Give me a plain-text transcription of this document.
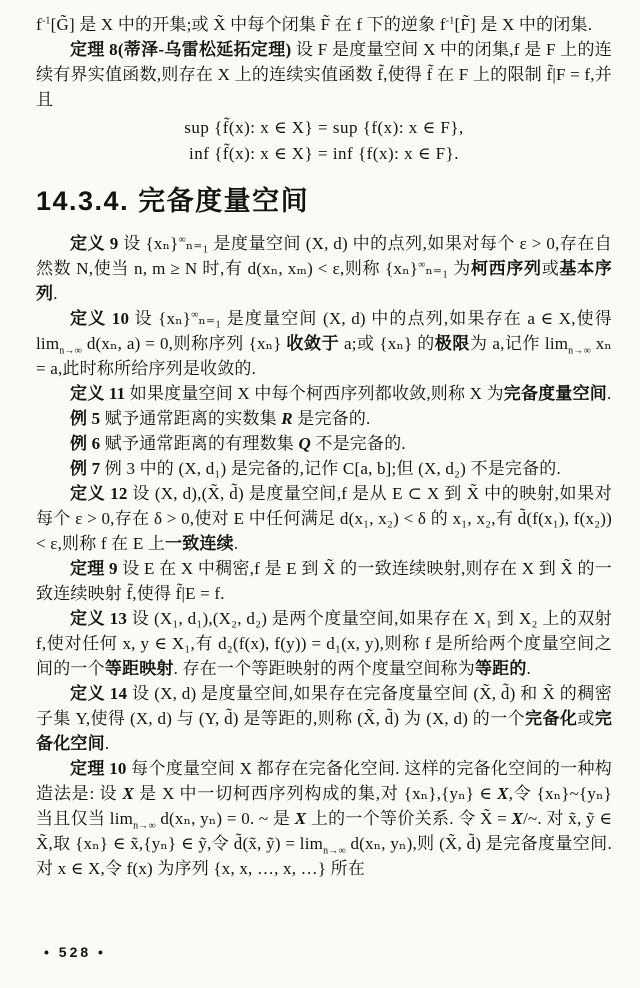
$f^{-1}[G̃]$ 是 X 中的开集;或 X̃ 中每个闭集 F̃ 在 f 下的逆象 $f^{-1}[F̃]$ 是 X 中的闭集.

定理 8(蒂泽-乌雷松延拓定理) 设 F 是度量空间 X 中的闭集,f 是 F 上的连续有界实值函数,则存在 X 上的连续实值函数 f̃,使得 f̃ 在 F 上的限制 f̃|F = f,并且

sup {f̃(x): x ∈ X} = sup {f(x): x ∈ F},
inf {f̃(x): x ∈ X} = inf {f(x): x ∈ F}.
14.3.4. 完备度量空间

定义 9 设 {xₙ}∞ₙ₌₁ 是度量空间 (X, d) 中的点列,如果对每个 ε > 0,存在自然数 N,使当 n, m ≥ N 时,有 d(xₙ, xₘ) < ε,则称 {xₙ}∞ₙ₌₁ 为柯西序列或基本序列.

定义 10 设 {xₙ}∞ₙ₌₁ 是度量空间 (X, d) 中的点列,如果存在 a ∈ X,使得 $\lim_{n\to\infty} d(x_n$, a) = 0,则称序列 {xₙ} 收敛于 a;或 {xₙ} 的极限为 a,记作 $\lim_{n\to\infty} x_n = a$,此时称所给序列是收敛的.

定义 11 如果度量空间 X 中每个柯西序列都收敛,则称 X 为完备度量空间.

例 5 赋予通常距离的实数集 R 是完备的.

例 6 赋予通常距离的有理数集 Q 不是完备的.

例 7 例 3 中的 (X, d₁) 是完备的,记作 C[a, b];但 (X, d₂) 不是完备的.

定义 12 设 (X, d),(X̃, d̃) 是度量空间,f 是从 E ⊂ X 到 X̃ 中的映射,如果对每个 ε > 0,存在 δ > 0,使对 E 中任何满足 d(x₁, x₂) < δ 的 x₁, x₂,有 d̃(f(x₁), f(x₂)) < ε,则称 f 在 E 上一致连续.

定理 9 设 E 在 X 中稠密,f 是 E 到 X̃ 的一致连续映射,则存在 X 到 X̃ 的一致连续映射 f̃,使得 f̃|E = f.

定义 13 设 (X₁, d₁),(X₂, d₂) 是两个度量空间,如果存在 X₁ 到 X₂ 上的双射 f,使对任何 x, y ∈ X₁,有 d₂(f(x), f(y)) = d₁(x, y),则称 f 是所给两个度量空间之间的一个等距映射. 存在一个等距映射的两个度量空间称为等距的.

定义 14 设 (X, d) 是度量空间,如果存在完备度量空间 (X̃, d̃) 和 X̃ 的稠密子集 Y,使得 (X, d) 与 (Y, d̃) 是等距的,则称 (X̃, d̃) 为 (X, d) 的一个完备化或完备化空间.

定理 10 每个度量空间 X 都存在完备化空间. 这样的完备化空间的一种构造法是: 设 X 是 X 中一切柯西序列构成的集,对 {xₙ},{yₙ} ∈ X,令 {xₙ}~{yₙ} 当且仅当 $\lim_{n\to\infty} d(x_n$, yₙ) = 0. ~ 是 X 上的一个等价关系. 令 X̃ = X/~. 对 x̃, ỹ ∈ X̃,取 {xₙ} ∈ x̃,{yₙ} ∈ ỹ,令 d̃(x̃, ỹ) = $\lim_{n\to\infty} d(x_n$, yₙ),则 (X̃, d̃) 是完备度量空间. 对 x ∈ X,令 f(x) 为序列 {x, x, …, x, …} 所在

• 528 •
